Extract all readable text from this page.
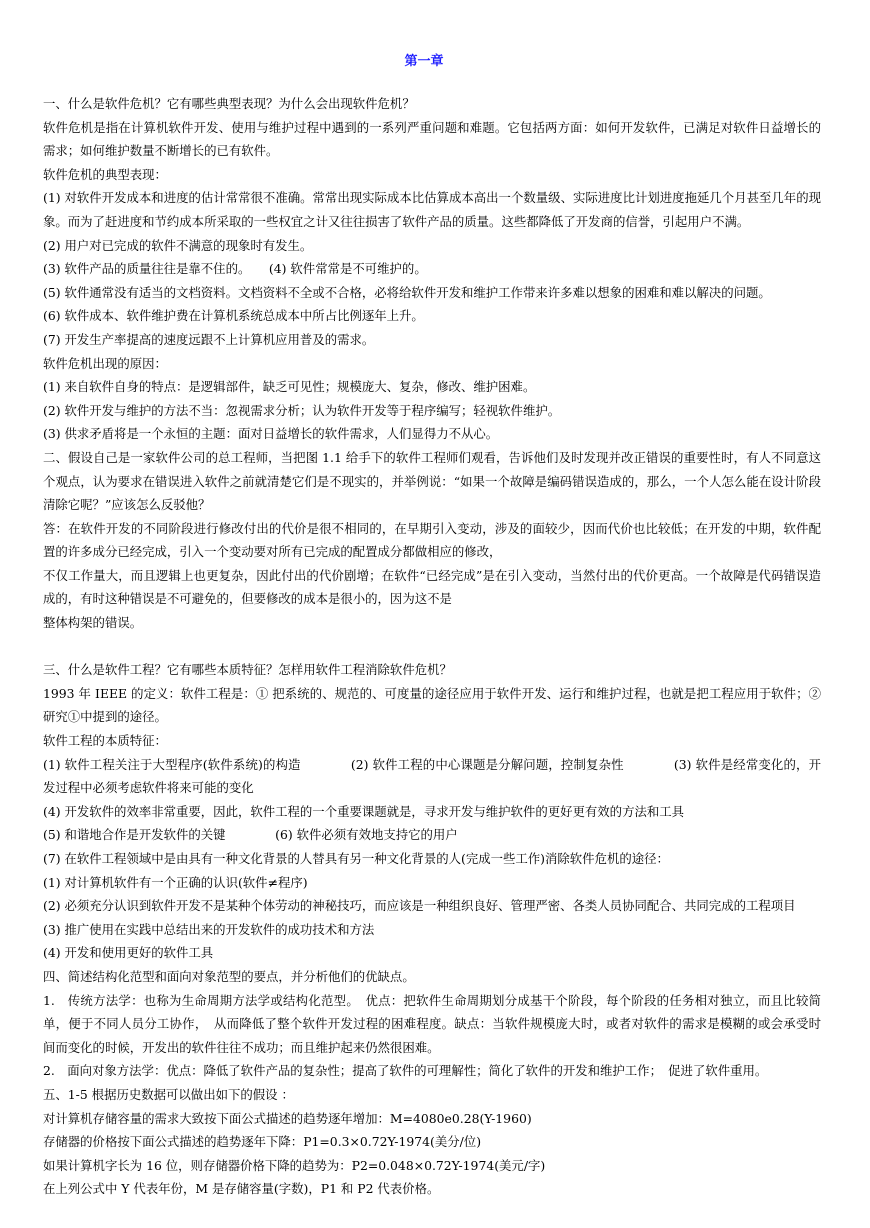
第一章

一、什么是软件危机？它有哪些典型表现？为什么会出现软件危机？

软件危机是指在计算机软件开发、使用与维护过程中遇到的一系列严重问题和难题。它包括两方面：如何开发软件，已满足对软件日益增长的需求；如何维护数量不断增长的已有软件。

软件危机的典型表现：

(1) 对软件开发成本和进度的估计常常很不准确。常常出现实际成本比估算成本高出一个数量级、实际进度比计划进度拖延几个月甚至几年的现象。而为了赶进度和节约成本所采取的一些权宜之计又往往损害了软件产品的质量。这些都降低了开发商的信誉，引起用户不满。

(2) 用户对已完成的软件不满意的现象时有发生。

(3) 软件产品的质量往往是靠不住的。　　(4) 软件常常是不可维护的。

(5) 软件通常没有适当的文档资料。文档资料不全或不合格，必将给软件开发和维护工作带来许多难以想象的困难和难以解决的问题。

(6) 软件成本、软件维护费在计算机系统总成本中所占比例逐年上升。

(7) 开发生产率提高的速度远跟不上计算机应用普及的需求。

软件危机出现的原因：

(1) 来自软件自身的特点：是逻辑部件，缺乏可见性；规模庞大、复杂，修改、维护困难。

(2) 软件开发与维护的方法不当：忽视需求分析；认为软件开发等于程序编写；轻视软件维护。

(3) 供求矛盾将是一个永恒的主题：面对日益增长的软件需求，人们显得力不从心。

二、假设自己是一家软件公司的总工程师，当把图 1.1 给手下的软件工程师们观看，告诉他们及时发现并改正错误的重要性时，有人不同意这个观点，认为要求在错误进入软件之前就清楚它们是不现实的，并举例说：“如果一个故障是编码错误造成的，那么，一个人怎么能在设计阶段清除它呢？”应该怎么反驳他？

答：在软件开发的不同阶段进行修改付出的代价是很不相同的，在早期引入变动，涉及的面较少，因而代价也比较低；在开发的中期，软件配置的许多成分已经完成，引入一个变动要对所有已完成的配置成分都做相应的修改，

不仅工作量大，而且逻辑上也更复杂，因此付出的代价剧增；在软件“已经完成”是在引入变动，当然付出的代价更高。一个故障是代码错误造成的，有时这种错误是不可避免的，但要修改的成本是很小的，因为这不是

整体构架的错误。

三、什么是软件工程？它有哪些本质特征？怎样用软件工程消除软件危机？

1993 年 IEEE 的定义：软件工程是：① 把系统的、规范的、可度量的途径应用于软件开发、运行和维护过程，也就是把工程应用于软件；② 研究①中提到的途径。

软件工程的本质特征：

(1) 软件工程关注于大型程序(软件系统)的构造　　　　(2) 软件工程的中心课题是分解问题，控制复杂性　　　　(3) 软件是经常变化的，开发过程中必须考虑软件将来可能的变化

(4) 开发软件的效率非常重要，因此，软件工程的一个重要课题就是，寻求开发与维护软件的更好更有效的方法和工具

(5) 和谐地合作是开发软件的关键　　　　(6) 软件必须有效地支持它的用户

(7) 在软件工程领域中是由具有一种文化背景的人替具有另一种文化背景的人(完成一些工作)消除软件危机的途径：

(1) 对计算机软件有一个正确的认识(软件≠程序)

(2) 必须充分认识到软件开发不是某种个体劳动的神秘技巧，而应该是一种组织良好、管理严密、各类人员协同配合、共同完成的工程项目

(3) 推广使用在实践中总结出来的开发软件的成功技术和方法

(4) 开发和使用更好的软件工具

四、简述结构化范型和面向对象范型的要点，并分析他们的优缺点。

1.　传统方法学：也称为生命周期方法学或结构化范型。　优点：把软件生命周期划分成基干个阶段，每个阶段的任务相对独立，而且比较简单，便于不同人员分工协作，　从而降低了整个软件开发过程的困难程度。缺点：当软件规模庞大时，或者对软件的需求是模糊的或会承受时　间而变化的时候，开发出的软件往往不成功；而且维护起来仍然很困难。

2.　面向对象方法学：优点：降低了软件产品的复杂性；提高了软件的可理解性；简化了软件的开发和维护工作；　促进了软件重用。

五、1-5 根据历史数据可以做出如下的假设 ：

对计算机存储容量的需求大致按下面公式描述的趋势逐年增加：M=4080e0.28(Y-1960)

存储器的价格按下面公式描述的趋势逐年下降：P1=0.3×0.72Y-1974(美分/位)

如果计算机字长为 16 位，则存储器价格下降的趋势为：P2=0.048×0.72Y-1974(美元/字)

在上列公式中 Y 代表年份，M 是存储容量(字数)，P1 和 P2 代表价格。
